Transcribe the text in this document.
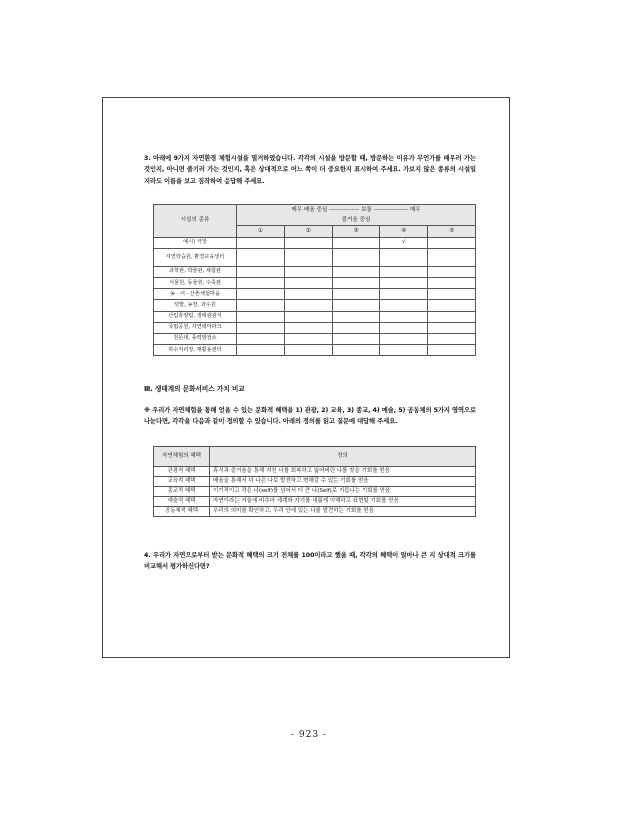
3. 아래에 9가지 자연환경 체험시설을 열거하였습니다. 각각의 시설을 방문할 때, 방문하는 이유가 무언가를 배우러 가는 것인지, 아니면 즐기러 가는 것인지, 혹은 상대적으로 어느 쪽이 더 중요한지 표시하여 주세요. 가보지 않은 종류의 시설일지라도 이름을 보고 짐작하여 응답해 주세요.

시설의 종류	매우 배움 중심 --------------- 보통 ----------------- 매우				
	즐거움 중심				
	①	②	③	④	⑤
예시) 극장				√	
자연학습원, 환경교육센터					
과학관, 박물관, 체험관					
식물원, 동물원, 수족관					
농 · 어 · 산촌체험마을					
텃밭, 농장, 과수원					
산림휴양림, 생태관광지					
국립공원, 자연테마파크					
천문대, 풍력발전소					
하수처리장, 재활용센터					

Ⅲ. 생태계의 문화서비스 가치 비교

※ 우리가 자연체험을 통해 얻을 수 있는 문화적 혜택을 1) 관광, 2) 교육, 3) 종교, 4) 예술, 5) 공동체의 5가지 영역으로 나눈다면, 각각을 다음과 같이 정의할 수 있습니다. 아래의 정의를 읽고 질문에 대답해 주세요.

자연체험의 혜택	정의
관광적 혜택	휴식과 즐거움을 통해 지친 나를 회복하고 잃어버린 나를 찾을 기회를 얻음
교육적 혜택	배움을 통해서 더 나은 나로 발전하고 변해갈 수 있는 기회를 얻음
종교적 혜택	이기적이고 작은 나(self)를 넘어서 더 큰 나(Self)로 거듭나는 기회를 얻음
예술적 혜택	자연이라는 거울에 비추어 세계와 자기를 새롭게 이해하고 표현할 기회를 얻음
공동체적 혜택	우리의 의미를 확인하고, 우리 안에 있는 나를 발견하는 기회를 얻음

4. 우리가 자연으로부터 받는 문화적 혜택의 크기 전체를 100이라고 했을 때, 각각의 혜택이 얼마나 큰 지 상대적 크기를 비교해서 평가하신다면?

- 923 -
